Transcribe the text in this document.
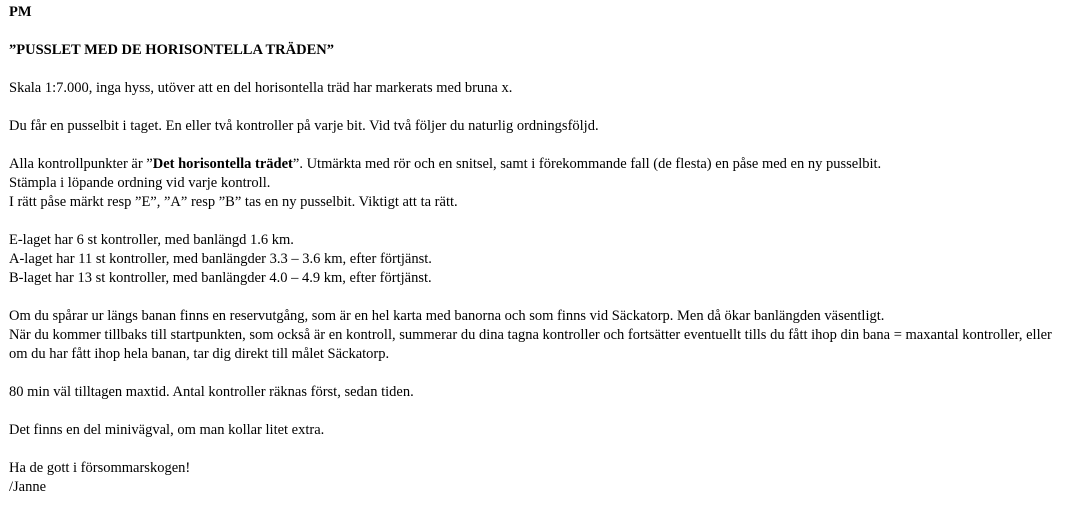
PM

”PUSSLET MED DE HORISONTELLA TRÄDEN”

Skala 1:7.000, inga hyss, utöver att en del horisontella träd har markerats med bruna x.

Du får en pusselbit i taget. En eller två kontroller på varje bit. Vid två följer du naturlig ordningsföljd.

Alla kontrollpunkter är ”Det horisontella trädet”. Utmärkta med rör och en snitsel, samt i förekommande fall (de flesta) en påse med en ny pusselbit.

Stämpla i löpande ordning vid varje kontroll.

I rätt påse märkt resp ”E”, ”A” resp ”B” tas en ny pusselbit. Viktigt att ta rätt.

E-laget har 6 st kontroller, med banlängd 1.6 km.

A-laget har 11 st kontroller, med banlängder 3.3 – 3.6 km, efter förtjänst.

B-laget har 13 st kontroller, med banlängder 4.0 – 4.9 km, efter förtjänst.

Om du spårar ur längs banan finns en reservutgång, som är en hel karta med banorna och som finns vid Säckatorp. Men då ökar banlängden väsentligt.

När du kommer tillbaks till startpunkten, som också är en kontroll, summerar du dina tagna kontroller och fortsätter eventuellt tills du fått ihop din bana = maxantal kontroller, eller om du har fått ihop hela banan, tar dig direkt till målet Säckatorp.

80 min väl tilltagen maxtid. Antal kontroller räknas först, sedan tiden.

Det finns en del minivägval, om man kollar litet extra.

Ha de gott i försommarskogen!

/Janne
